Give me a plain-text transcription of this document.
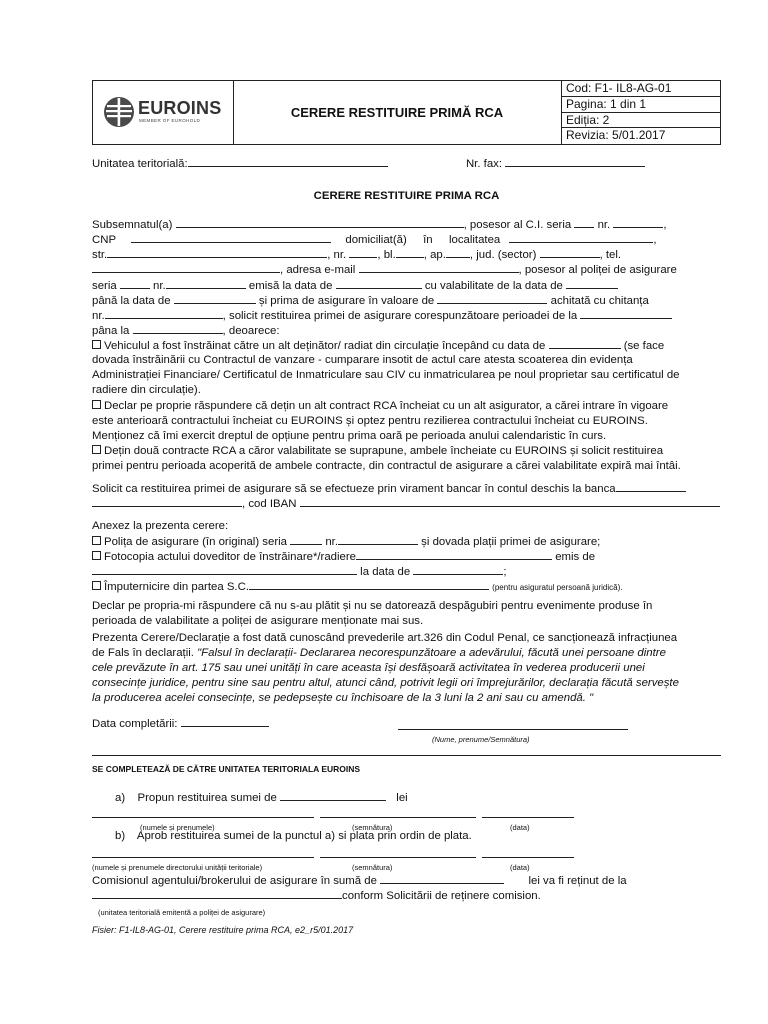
EUROINS
MEMBER OF EUROHOLD
CERERE RESTITUIRE PRIMĂ RCA
Cod: F1- IL8-AG-01
Pagina: 1 din 1
Ediția: 2
Revizia: 5/01.2017
Unitatea teritorială:	Nr. fax:
CERERE RESTITUIRE PRIMA RCA
Subsemnatul(a)	, posesor al C.I. seria nr.	,
CNP	domiciliat(ă) în localitatea	,
str.	, nr.	, bl. , ap. , jud. (sector)	, tel.
, adresa e-mail	, posesor al poliței de asigurare
seria	nr.	emisă la data de	cu valabilitate de la data de
până la data de	și prima de asigurare în valoare de	achitată cu chitanța
nr.	, solicit restituirea primei de asigurare corespunzătoare perioadei de la
pâna la	, deoarece:
Vehiculul a fost înstrăinat către un alt deținător/ radiat din circulație începând cu data de	(se face
dovada înstrăinării cu Contractul de vanzare - cumparare insotit de actul care atesta scoaterea din evidența
Administrației Financiare/ Certificatul de Inmatriculare sau CIV cu inmatricularea pe noul proprietar sau certificatul de
radiere din circulație).
Declar pe proprie răspundere că dețin un alt contract RCA încheiat cu un alt asigurator, a cărei intrare în vigoare
este anterioară contractului încheiat cu EUROINS și optez pentru rezilierea contractului încheiat cu EUROINS.
Menționez că îmi exercit dreptul de opțiune pentru prima oară pe perioada anului calendaristic în curs.
Dețin două contracte RCA a căror valabilitate se suprapune, ambele încheiate cu EUROINS și solicit restituirea
primei pentru perioada acoperită de ambele contracte, din contractul de asigurare a cărei valabilitate expiră mai întâi.
Solicit ca restituirea primei de asigurare să se efectueze prin virament bancar în contul deschis la banca
, cod IBAN
Anexez la prezenta cerere:
Polița de asigurare (în original) seria	nr.	și dovada plații primei de asigurare;
Fotocopia actului doveditor de înstrăinare*/radiere	emis de
la data de	;
Împuternicire din partea S.C.	(pentru asiguratul persoană juridică).
Declar pe propria-mi răspundere că nu s-au plătit și nu se datorează despăgubiri pentru evenimente produse în
perioada de valabilitate a poliței de asigurare menționate mai sus.
Prezenta Cerere/Declarație a fost dată cunoscând prevederile art.326 din Codul Penal, ce sancționează infracțiunea
de Fals în declarații. "Falsul în declarații- Declararea necorespunzătoare a adevărului, făcută unei persoane dintre
cele prevăzute în art. 175 sau unei unități în care aceasta își desfășoară activitatea în vederea producerii unei
consecințe juridice, pentru sine sau pentru altul, atunci când, potrivit legii ori împrejurărilor, declarația făcută servește
la producerea acelei consecințe, se pedepsește cu închisoare de la 3 luni la 2 ani sau cu amendă. "
Data completării:
(Nume, prenume/Semnătura)
SE COMPLETEAZĂ DE CĂTRE UNITATEA TERITORIALA EUROINS
a) Propun restituirea sumei de	lei
(numele și prenumele)	(semnătura)	(data)
b) Aprob restituirea sumei de la punctul a) si plata prin ordin de plata.
(numele și prenumele directorului unității teritoriale)	(semnătura)	(data)
Comisionul agentului/brokerului de asigurare în sumă de	lei va fi reținut de la
conform Solicitării de reținere comision.
(unitatea teritorială emitentă a poliței de asigurare)
Fisier: F1-IL8-AG-01, Cerere restituire prima RCA, e2_r5/01.2017
